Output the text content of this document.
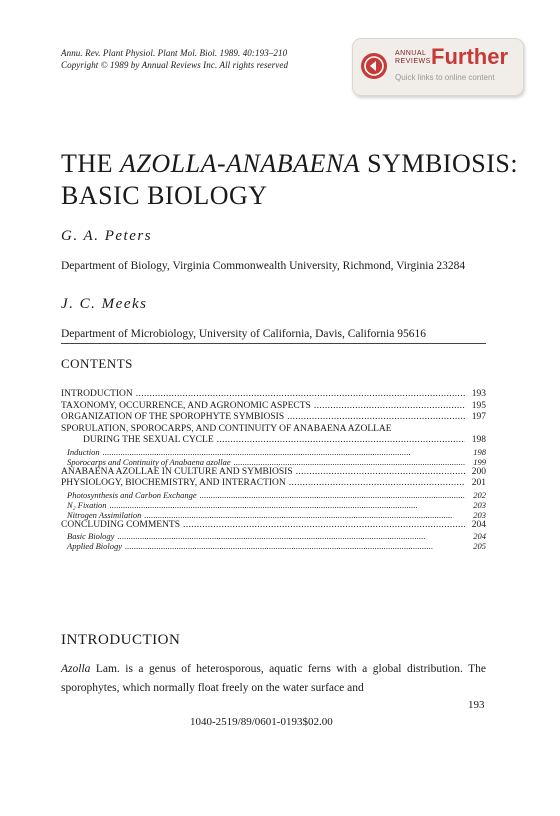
Annu. Rev. Plant Physiol. Plant Mol. Biol. 1989. 40:193–210
Copyright © 1989 by Annual Reviews Inc. All rights reserved
ANNUAL
REVIEWS Further
Quick links to online content
THE AZOLLA-ANABAENA SYMBIOSIS:
BASIC BIOLOGY
G. A. Peters
Department of Biology, Virginia Commonwealth University, Richmond, Virginia 23284
J. C. Meeks
Department of Microbiology, University of California, Davis, California 95616
CONTENTS
INTRODUCTION . . .	193
TAXONOMY, OCCURRENCE, AND AGRONOMIC ASPECTS . . .	195
ORGANIZATION OF THE SPOROPHYTE SYMBIOSIS . . .	197
SPORULATION, SPOROCARPS, AND CONTINUITY OF ANABAENA AZOLLAE
DURING THE SEXUAL CYCLE . . .	198
Induction . . .	198
Sporocarps and Continuity of Anabaena azollae . . .	199
ANABAENA AZOLLAE IN CULTURE AND SYMBIOSIS . . .	200
PHYSIOLOGY, BIOCHEMISTRY, AND INTERACTION . . .	201
Photosynthesis and Carbon Exchange . . .	202
N₂ Fixation . . .	203
Nitrogen Assimilation . . .	203
CONCLUDING COMMENTS . . .	204
Basic Biology . . .	204
Applied Biology . . .	205
INTRODUCTION
Azolla Lam. is a genus of heterosporous, aquatic ferns with a global distribution. The sporophytes, which normally float freely on the water surface and
193
1040-2519/89/0601-0193$02.00
